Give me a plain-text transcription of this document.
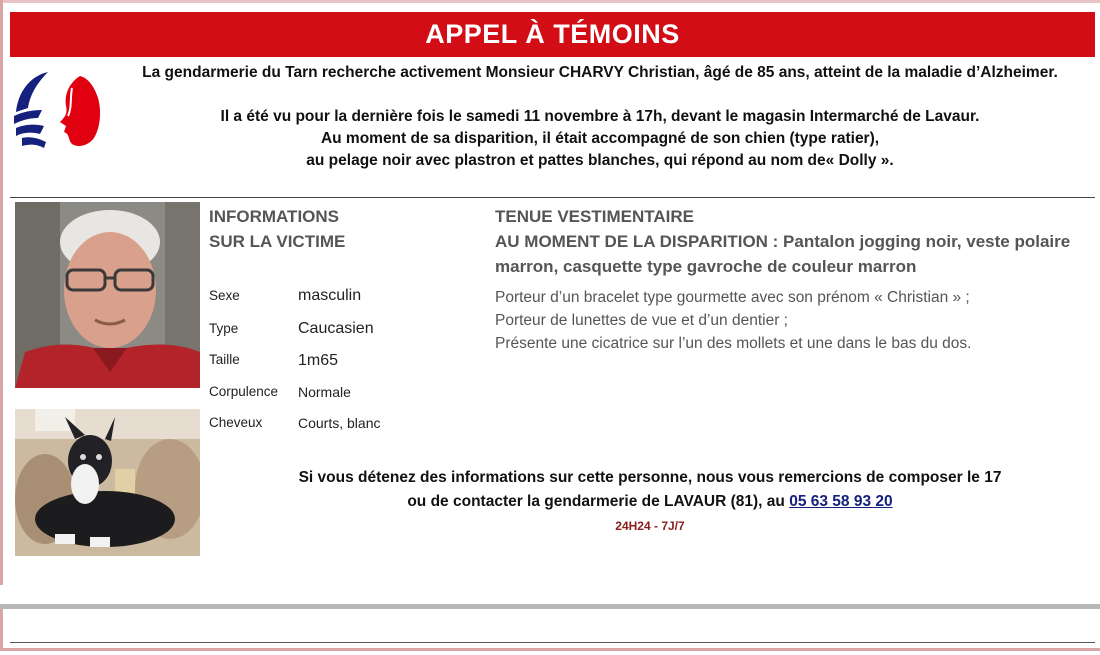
APPEL À TÉMOINS

La gendarmerie du Tarn recherche activement Monsieur CHARVY Christian, âgé de 85 ans, atteint de la maladie d’Alzheimer.

Il a été vu pour la dernière fois le samedi 11 novembre à 17h, devant le magasin Intermarché de Lavaur.

Au moment de sa disparition, il était accompagné de son chien (type ratier),

au pelage noir avec plastron et pattes blanches, qui répond au nom de« Dolly ».

INFORMATIONS
SUR LA VICTIME
Sexe	masculin
Type	Caucasien
Taille	1m65
Corpulence Normale
Cheveux	Courts, blanc
TENUE VESTIMENTAIRE
AU MOMENT DE LA DISPARITION : Pantalon jogging noir, veste polaire
marron, casquette type gavroche de couleur marron

Porteur d’un bracelet type gourmette avec son prénom « Christian » ;

Porteur de lunettes de vue et d’un dentier ;

Présente une cicatrice sur l’un des mollets et une dans le bas du dos.

Si vous détenez des informations sur cette personne, nous vous remercions de composer le 17

ou de contacter la gendarmerie de LAVAUR (81), au 05 63 58 93 20

24H24 - 7J/7
